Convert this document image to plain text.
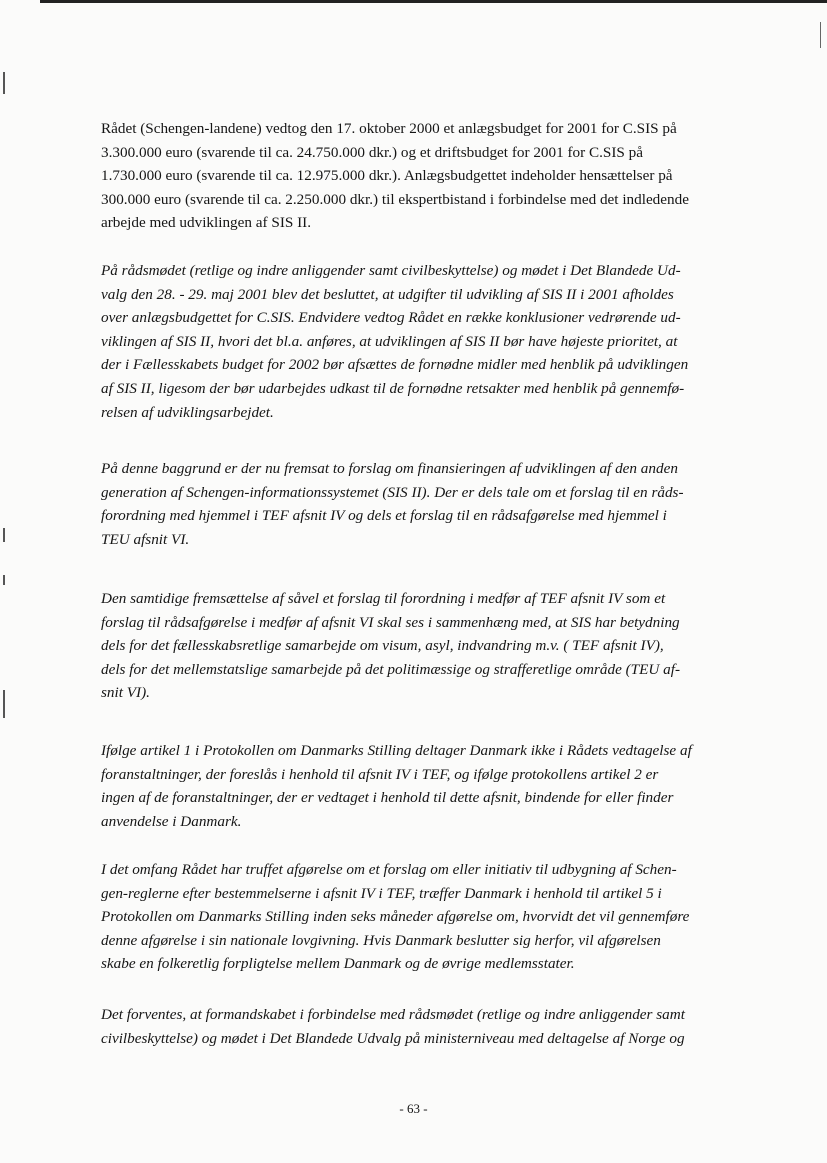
Rådet (Schengen-landene) vedtog den 17. oktober 2000 et anlægsbudget for 2001 for C.SIS på
3.300.000 euro (svarende til ca. 24.750.000 dkr.) og et driftsbudget for 2001 for C.SIS på
1.730.000 euro (svarende til ca. 12.975.000 dkr.). Anlægsbudgettet indeholder hensættelser på
300.000 euro (svarende til ca. 2.250.000 dkr.) til ekspertbistand i forbindelse med det indledende
arbejde med udviklingen af SIS II.
På rådsmødet (retlige og indre anliggender samt civilbeskyttelse) og mødet i Det Blandede Ud-
valg den 28. - 29. maj 2001 blev det besluttet, at udgifter til udvikling af SIS II i 2001 afholdes
over anlægsbudgettet for C.SIS. Endvidere vedtog Rådet en række konklusioner vedrørende ud-
viklingen af SIS II, hvori det bl.a. anføres, at udviklingen af SIS II bør have højeste prioritet, at
der i Fællesskabets budget for 2002 bør afsættes de fornødne midler med henblik på udviklingen
af SIS II, ligesom der bør udarbejdes udkast til de fornødne retsakter med henblik på gennemfø-
relsen af udviklingsarbejdet.
På denne baggrund er der nu fremsat to forslag om finansieringen af udviklingen af den anden
generation af Schengen-informationssystemet (SIS II). Der er dels tale om et forslag til en råds-
forordning med hjemmel i TEF afsnit IV og dels et forslag til en rådsafgørelse med hjemmel i
TEU afsnit VI.
Den samtidige fremsættelse af såvel et forslag til forordning i medfør af TEF afsnit IV som et
forslag til rådsafgørelse i medfør af afsnit VI skal ses i sammenhæng med, at SIS har betydning
dels for det fællesskabsretlige samarbejde om visum, asyl, indvandring m.v. ( TEF afsnit IV),
dels for det mellemstatslige samarbejde på det politimæssige og strafferetlige område (TEU af-
snit VI).
Ifølge artikel 1 i Protokollen om Danmarks Stilling deltager Danmark ikke i Rådets vedtagelse af
foranstaltninger, der foreslås i henhold til afsnit IV i TEF, og ifølge protokollens artikel 2 er
ingen af de foranstaltninger, der er vedtaget i henhold til dette afsnit, bindende for eller finder
anvendelse i Danmark.
I det omfang Rådet har truffet afgørelse om et forslag om eller initiativ til udbygning af Schen-
gen-reglerne efter bestemmelserne i afsnit IV i TEF, træffer Danmark i henhold til artikel 5 i
Protokollen om Danmarks Stilling inden seks måneder afgørelse om, hvorvidt det vil gennemføre
denne afgørelse i sin nationale lovgivning. Hvis Danmark beslutter sig herfor, vil afgørelsen
skabe en folkeretlig forpligtelse mellem Danmark og de øvrige medlemsstater.
Det forventes, at formandskabet i forbindelse med rådsmødet (retlige og indre anliggender samt
civilbeskyttelse) og mødet i Det Blandede Udvalg på ministerniveau med deltagelse af Norge og
- 63 -
